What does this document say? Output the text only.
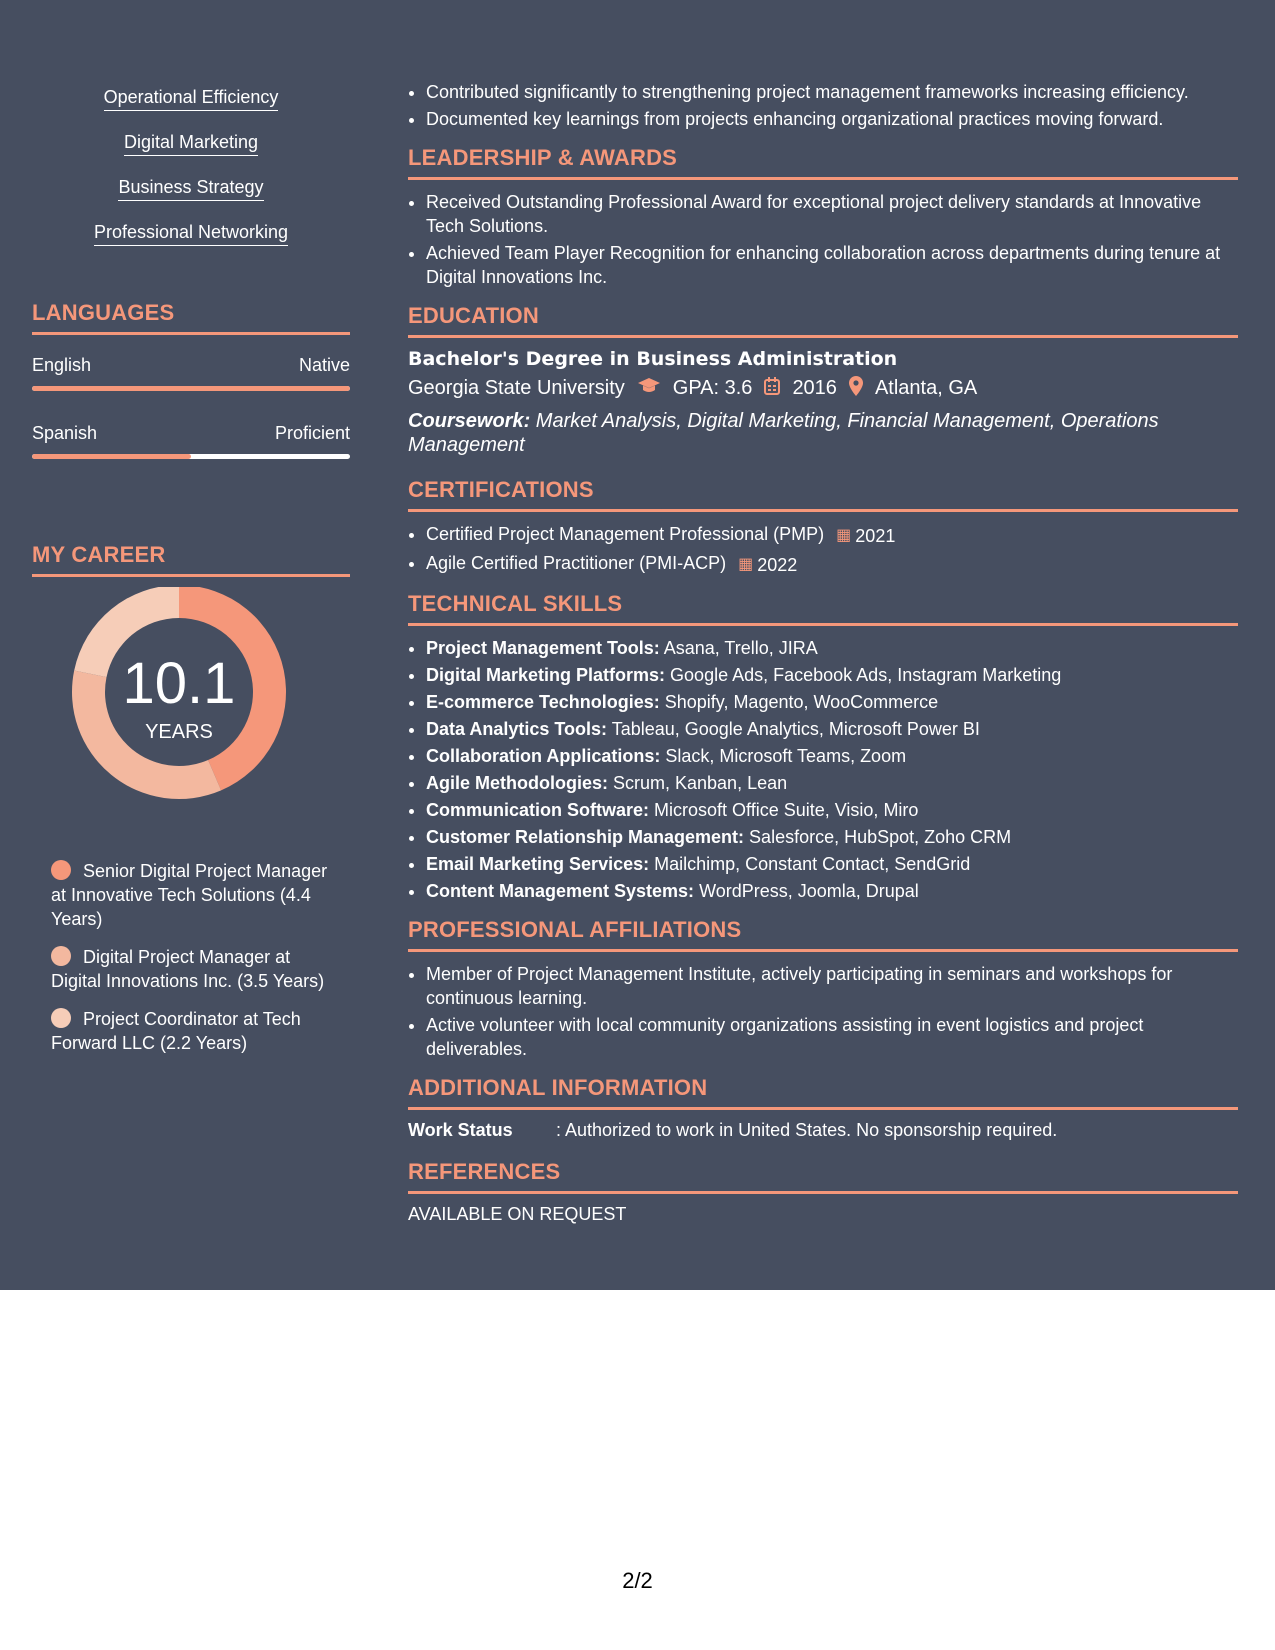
Operational Efficiency
Digital Marketing
Business Strategy
Professional Networking
LANGUAGES
English	Native
Spanish	Proficient
MY CAREER
10.1
YEARS
Senior Digital Project Manager at Innovative Tech Solutions (4.4 Years)
Digital Project Manager at Digital Innovations Inc. (3.5 Years)
Project Coordinator at Tech Forward LLC (2.2 Years)
• Contributed significantly to strengthening project management frameworks increasing efficiency.
• Documented key learnings from projects enhancing organizational practices moving forward.
LEADERSHIP & AWARDS
• Received Outstanding Professional Award for exceptional project delivery standards at Innovative Tech Solutions.
• Achieved Team Player Recognition for enhancing collaboration across departments during tenure at Digital Innovations Inc.
EDUCATION
Bachelor's Degree in Business Administration
Georgia State University GPA: 3.6 2016 Atlanta, GA
Coursework: Market Analysis, Digital Marketing, Financial Management, Operations Management
CERTIFICATIONS
• Certified Project Management Professional (PMP) ▦ 2021
• Agile Certified Practitioner (PMI-ACP) ▦ 2022
TECHNICAL SKILLS
• Project Management Tools: Asana, Trello, JIRA
• Digital Marketing Platforms: Google Ads, Facebook Ads, Instagram Marketing
• E-commerce Technologies: Shopify, Magento, WooCommerce
• Data Analytics Tools: Tableau, Google Analytics, Microsoft Power BI
• Collaboration Applications: Slack, Microsoft Teams, Zoom
• Agile Methodologies: Scrum, Kanban, Lean
• Communication Software: Microsoft Office Suite, Visio, Miro
• Customer Relationship Management: Salesforce, HubSpot, Zoho CRM
• Email Marketing Services: Mailchimp, Constant Contact, SendGrid
• Content Management Systems: WordPress, Joomla, Drupal
PROFESSIONAL AFFILIATIONS
• Member of Project Management Institute, actively participating in seminars and workshops for continuous learning.
• Active volunteer with local community organizations assisting in event logistics and project deliverables.
ADDITIONAL INFORMATION
Work Status	: Authorized to work in United States. No sponsorship required.
REFERENCES
AVAILABLE ON REQUEST
2/2
